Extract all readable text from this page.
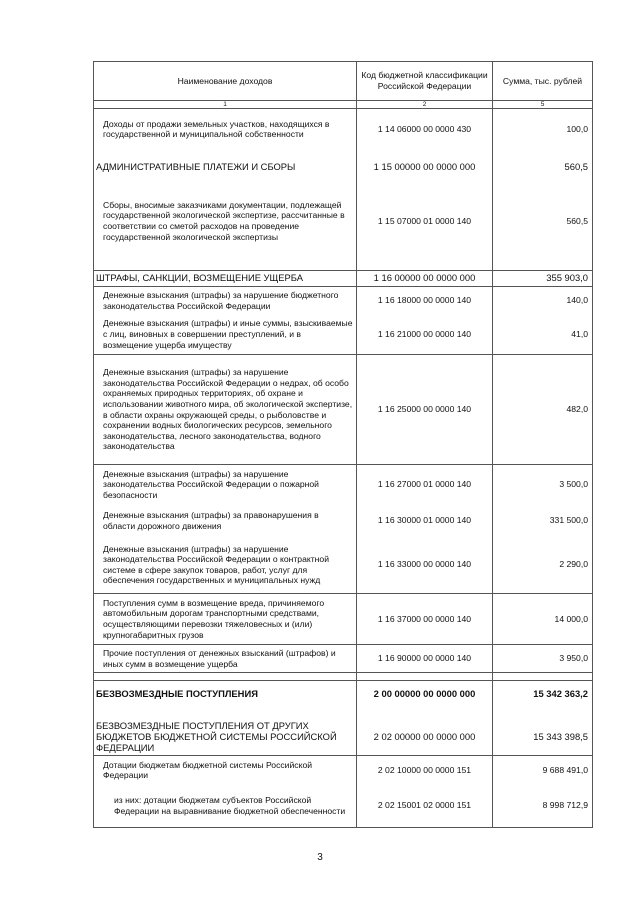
Наименование доходов	Код бюджетной классификации Российской Федерации	Сумма, тыс. рублей
1	2	5
Доходы от продажи земельных участков, находящихся в государственной и муниципальной собственности	1 14 06000 00 0000 430	100,0
АДМИНИСТРАТИВНЫЕ ПЛАТЕЖИ И СБОРЫ	1 15 00000 00 0000 000	560,5
Сборы, вносимые заказчиками документации, подлежащей государственной экологической экспертизе, рассчитанные в соответствии со сметой расходов на проведение государственной экологической экспертизы	1 15 07000 01 0000 140	560,5

ШТРАФЫ, САНКЦИИ, ВОЗМЕЩЕНИЕ УЩЕРБА	1 16 00000 00 0000 000	355 903,0
Денежные взыскания (штрафы) за нарушение бюджетного законодательства Российской Федерации	1 16 18000 00 0000 140	140,0
Денежные взыскания (штрафы) и иные суммы, взыскиваемые с лиц, виновных в совершении преступлений, и в возмещение ущерба имуществу	1 16 21000 00 0000 140	41,0
Денежные взыскания (штрафы) за нарушение законодательства Российской Федерации о недрах, об особо охраняемых природных территориях, об охране и использовании животного мира, об экологической экспертизе, в области охраны окружающей среды, о рыболовстве и сохранении водных биологических ресурсов, земельного законодательства, лесного законодательства, водного законодательства	1 16 25000 00 0000 140	482,0
Денежные взыскания (штрафы) за нарушение законодательства Российской Федерации о пожарной безопасности	1 16 27000 01 0000 140	3 500,0
Денежные взыскания (штрафы) за правонарушения в области дорожного движения	1 16 30000 01 0000 140	331 500,0
Денежные взыскания (штрафы) за нарушение законодательства Российской Федерации о контрактной системе в сфере закупок товаров, работ, услуг для обеспечения государственных и муниципальных нужд	1 16 33000 00 0000 140	2 290,0
Поступления сумм в возмещение вреда, причиняемого автомобильным дорогам транспортными средствами, осуществляющими перевозки тяжеловесных и (или) крупногабаритных грузов	1 16 37000 00 0000 140	14 000,0
Прочие поступления от денежных взысканий (штрафов) и иных сумм в возмещение ущерба	1 16 90000 00 0000 140	3 950,0

БЕЗВОЗМЕЗДНЫЕ ПОСТУПЛЕНИЯ	2 00 00000 00 0000 000	15 342 363,2

БЕЗВОЗМЕЗДНЫЕ ПОСТУПЛЕНИЯ ОТ ДРУГИХ БЮДЖЕТОВ БЮДЖЕТНОЙ СИСТЕМЫ РОССИЙСКОЙ ФЕДЕРАЦИИ	2 02 00000 00 0000 000	15 343 398,5
Дотации бюджетам бюджетной системы Российской Федерации	2 02 10000 00 0000 151	9 688 491,0
из них: дотации бюджетам субъектов Российской Федерации на выравнивание бюджетной обеспеченности	2 02 15001 02 0000 151	8 998 712,9
3
